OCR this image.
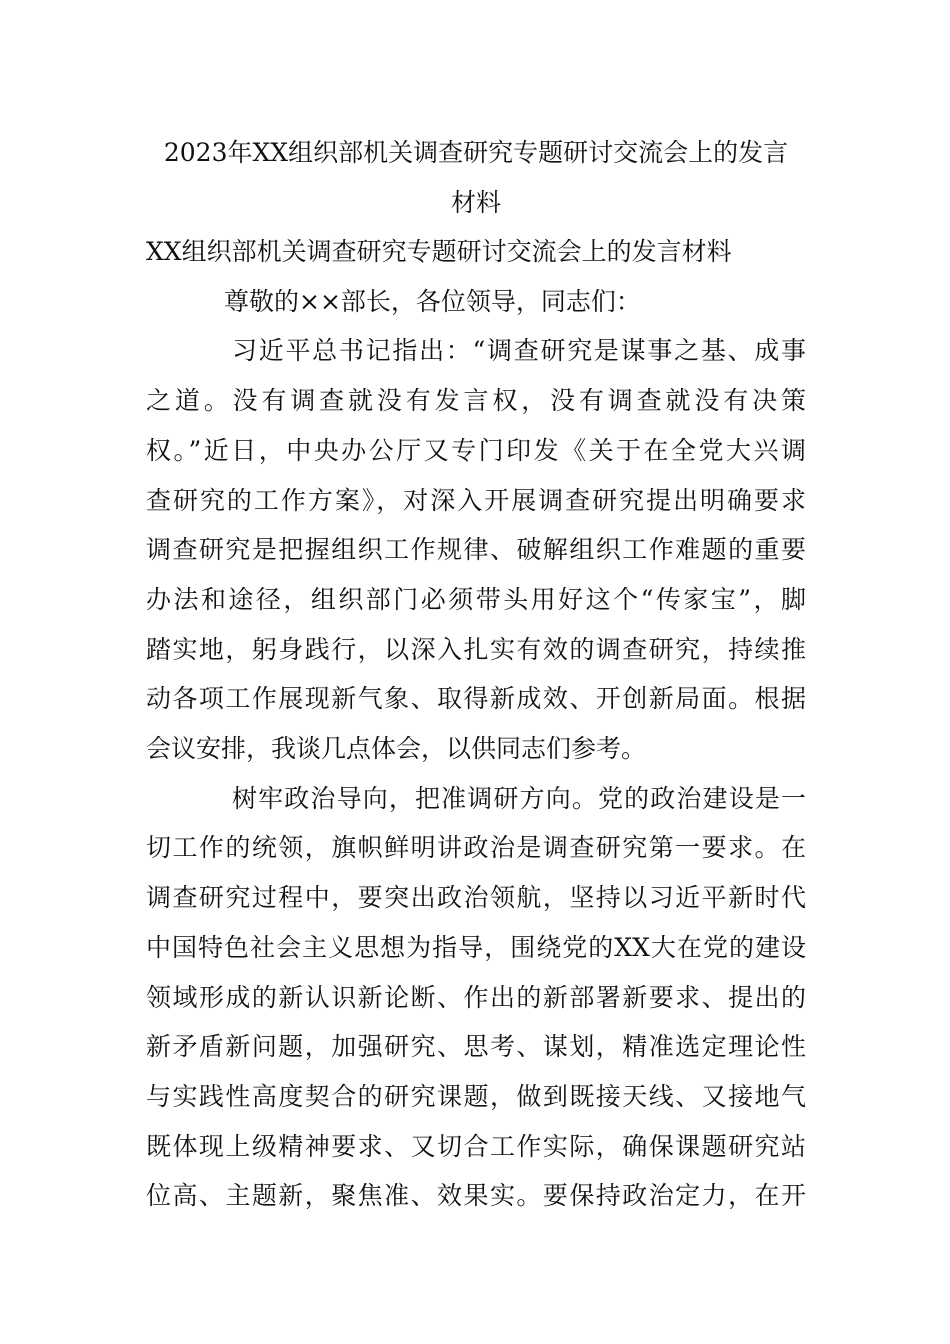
2023年XX组织部机关调查研究专题研讨交流会上的发言
材料
XX组织部机关调查研究专题研讨交流会上的发言材料

尊敬的××部长，各位领导，同志们：

习近平总书记指出：“调查研究是谋事之基、成事
之道。没有调查就没有发言权，没有调查就没有决策
权。”近日，中央办公厅又专门印发《关于在全党大兴调
查研究的工作方案》，对深入开展调查研究提出明确要求
调查研究是把握组织工作规律、破解组织工作难题的重要
办法和途径，组织部门必须带头用好这个“传家宝”，脚
踏实地，躬身践行，以深入扎实有效的调查研究，持续推
动各项工作展现新气象、取得新成效、开创新局面。根据
会议安排，我谈几点体会，以供同志们参考。
树牢政治导向，把准调研方向。党的政治建设是一
切工作的统领，旗帜鲜明讲政治是调查研究第一要求。在
调查研究过程中，要突出政治领航，坚持以习近平新时代
中国特色社会主义思想为指导，围绕党的XX大在党的建设
领域形成的新认识新论断、作出的新部署新要求、提出的
新矛盾新问题，加强研究、思考、谋划，精准选定理论性
与实践性高度契合的研究课题，做到既接天线、又接地气
既体现上级精神要求、又切合工作实际，确保课题研究站
位高、主题新，聚焦准、效果实。要保持政治定力，在开
